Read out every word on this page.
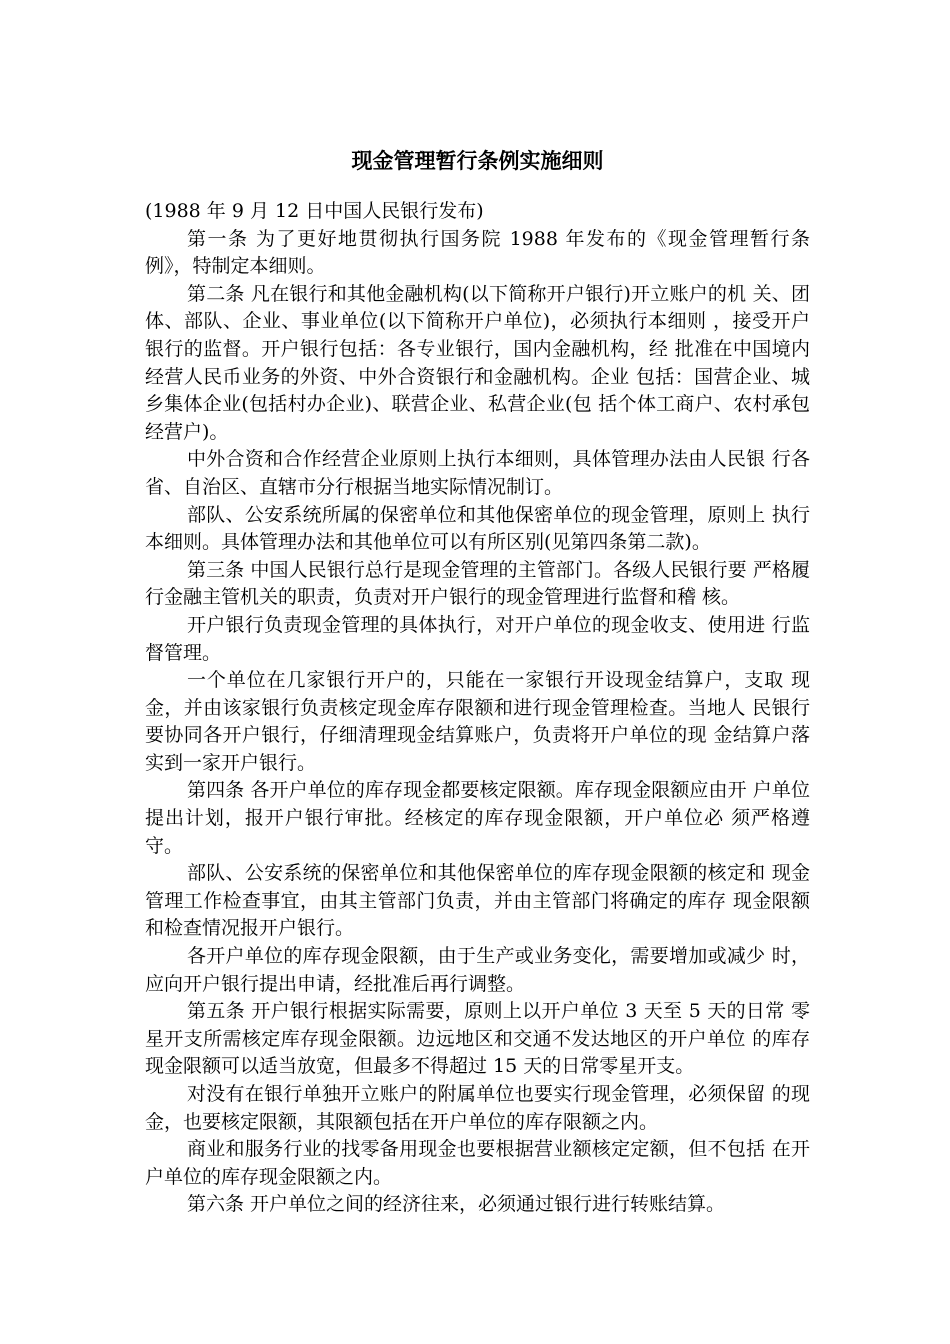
现金管理暂行条例实施细则

(1988 年 9 月 12 日中国人民银行发布)

第一条 为了更好地贯彻执行国务院 1988 年发布的《现金管理暂行条 例》，特制定本细则。

第二条 凡在银行和其他金融机构(以下简称开户银行)开立账户的机 关、团体、部队、企业、事业单位(以下简称开户单位)，必须执行本细则 ，接受开户银行的监督。开户银行包括：各专业银行，国内金融机构，经 批准在中国境内经营人民币业务的外资、中外合资银行和金融机构。企业 包括：国营企业、城乡集体企业(包括村办企业)、联营企业、私营企业(包 括个体工商户、农村承包经营户)。

中外合资和合作经营企业原则上执行本细则，具体管理办法由人民银 行各省、自治区、直辖市分行根据当地实际情况制订。

部队、公安系统所属的保密单位和其他保密单位的现金管理，原则上 执行本细则。具体管理办法和其他单位可以有所区别(见第四条第二款)。

第三条 中国人民银行总行是现金管理的主管部门。各级人民银行要 严格履行金融主管机关的职责，负责对开户银行的现金管理进行监督和稽 核。

开户银行负责现金管理的具体执行，对开户单位的现金收支、使用进 行监督管理。

一个单位在几家银行开户的，只能在一家银行开设现金结算户，支取 现金，并由该家银行负责核定现金库存限额和进行现金管理检查。当地人 民银行要协同各开户银行，仔细清理现金结算账户，负责将开户单位的现 金结算户落实到一家开户银行。

第四条 各开户单位的库存现金都要核定限额。库存现金限额应由开 户单位提出计划，报开户银行审批。经核定的库存现金限额，开户单位必 须严格遵守。

部队、公安系统的保密单位和其他保密单位的库存现金限额的核定和 现金管理工作检查事宜，由其主管部门负责，并由主管部门将确定的库存 现金限额和检查情况报开户银行。

各开户单位的库存现金限额，由于生产或业务变化，需要增加或减少 时，应向开户银行提出申请，经批准后再行调整。

第五条 开户银行根据实际需要，原则上以开户单位 3 天至 5 天的日常 零星开支所需核定库存现金限额。边远地区和交通不发达地区的开户单位 的库存现金限额可以适当放宽，但最多不得超过 15 天的日常零星开支。

对没有在银行单独开立账户的附属单位也要实行现金管理，必须保留 的现金，也要核定限额，其限额包括在开户单位的库存限额之内。

商业和服务行业的找零备用现金也要根据营业额核定定额，但不包括 在开户单位的库存现金限额之内。

第六条 开户单位之间的经济往来，必须通过银行进行转账结算。
